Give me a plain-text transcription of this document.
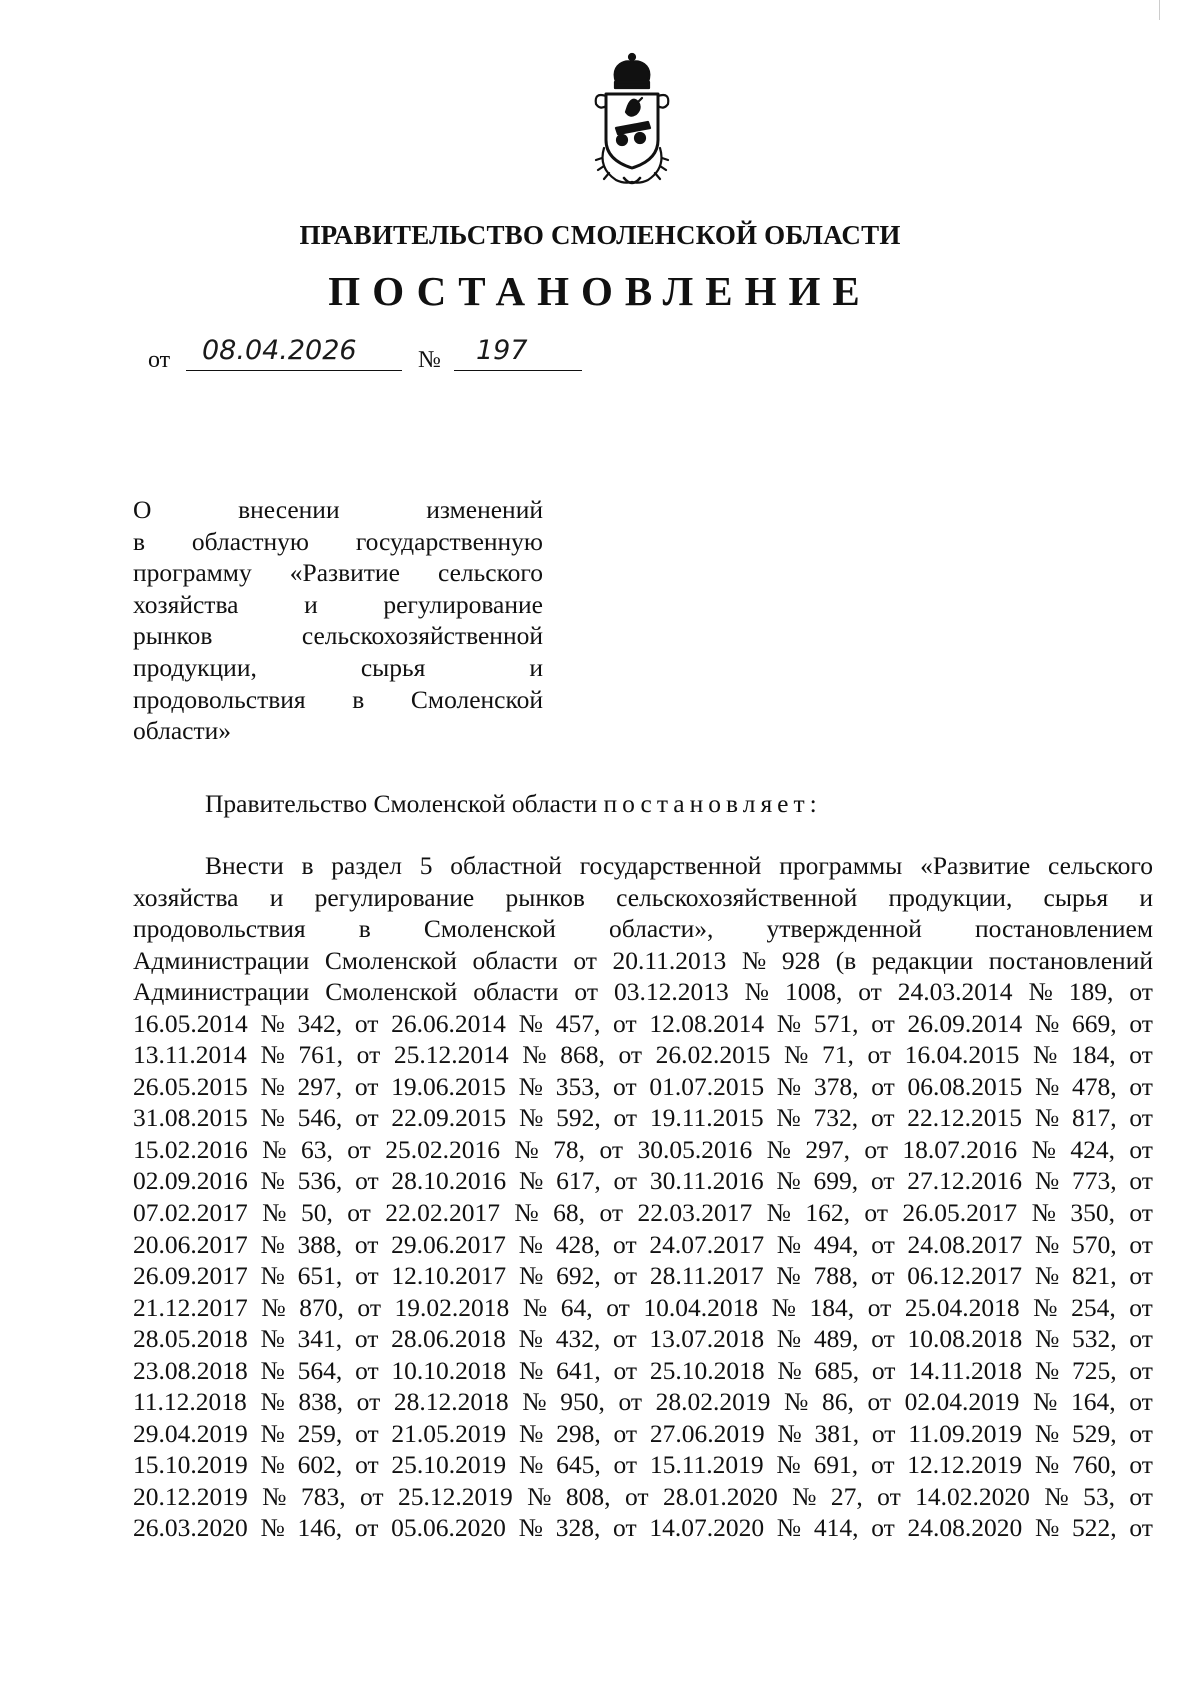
ПРАВИТЕЛЬСТВО СМОЛЕНСКОЙ ОБЛАСТИ
ПОСТАНОВЛЕНИЕ
от	08.04.2026	№	197
О	внесении	изменений
в областную государственную
программу «Развитие сельского
хозяйства	и	регулирование
рынков	сельскохозяйственной
продукции,	сырья	и
продовольствия в Смоленской
области»
Правительство Смоленской области постановляет:
Внести в раздел 5 областной государственной программы «Развитие сельского
хозяйства и регулирование рынков сельскохозяйственной продукции, сырья и
продовольствия в Смоленской области», утвержденной постановлением
Администрации Смоленской области от 20.11.2013 № 928 (в редакции постановлений
Администрации Смоленской области от 03.12.2013 № 1008, от 24.03.2014 № 189, от
16.05.2014 № 342, от 26.06.2014 № 457, от 12.08.2014 № 571, от 26.09.2014 № 669, от
13.11.2014 № 761, от 25.12.2014 № 868, от 26.02.2015 № 71, от 16.04.2015 № 184, от
26.05.2015 № 297, от 19.06.2015 № 353, от 01.07.2015 № 378, от 06.08.2015 № 478, от
31.08.2015 № 546, от 22.09.2015 № 592, от 19.11.2015 № 732, от 22.12.2015 № 817, от
15.02.2016 № 63, от 25.02.2016 № 78, от 30.05.2016 № 297, от 18.07.2016 № 424, от
02.09.2016 № 536, от 28.10.2016 № 617, от 30.11.2016 № 699, от 27.12.2016 № 773, от
07.02.2017 № 50, от 22.02.2017 № 68, от 22.03.2017 № 162, от 26.05.2017 № 350, от
20.06.2017 № 388, от 29.06.2017 № 428, от 24.07.2017 № 494, от 24.08.2017 № 570, от
26.09.2017 № 651, от 12.10.2017 № 692, от 28.11.2017 № 788, от 06.12.2017 № 821, от
21.12.2017 № 870, от 19.02.2018 № 64, от 10.04.2018 № 184, от 25.04.2018 № 254, от
28.05.2018 № 341, от 28.06.2018 № 432, от 13.07.2018 № 489, от 10.08.2018 № 532, от
23.08.2018 № 564, от 10.10.2018 № 641, от 25.10.2018 № 685, от 14.11.2018 № 725, от
11.12.2018 № 838, от 28.12.2018 № 950, от 28.02.2019 № 86, от 02.04.2019 № 164, от
29.04.2019 № 259, от 21.05.2019 № 298, от 27.06.2019 № 381, от 11.09.2019 № 529, от
15.10.2019 № 602, от 25.10.2019 № 645, от 15.11.2019 № 691, от 12.12.2019 № 760, от
20.12.2019 № 783, от 25.12.2019 № 808, от 28.01.2020 № 27, от 14.02.2020 № 53, от
26.03.2020 № 146, от 05.06.2020 № 328, от 14.07.2020 № 414, от 24.08.2020 № 522, от
